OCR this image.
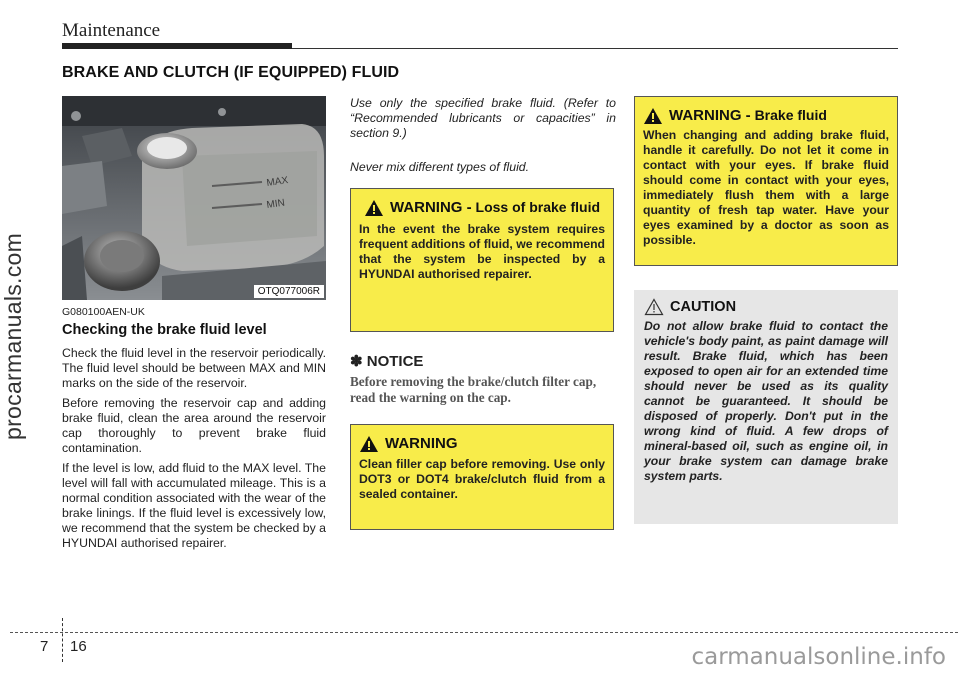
Maintenance
BRAKE AND CLUTCH (IF EQUIPPED) FLUID
procarmanuals.com
MAX
MIN
OTQ077006R
G080100AEN-UK
Checking the brake fluid level

Check the fluid level in the reservoir periodically. The fluid level should be between MAX and MIN marks on the side of the reservoir.

Before removing the reservoir cap and adding brake fluid, clean the area around the reservoir cap thoroughly to prevent brake fluid contamination.

If the level is low, add fluid to the MAX level. The level will fall with accumulated mileage. This is a normal condition associated with the wear of the brake linings. If the fluid level is excessively low, we recommend that the system be checked by a HYUNDAI authorised repairer.

Use only the specified brake fluid. (Refer to “Recommended lubricants or capacities” in section 9.)
Never mix different types of fluid.
WARNING - Loss of brake fluid
In the event the brake system requires frequent additions of fluid, we recommend that the system be inspected by a HYUNDAI authorised repairer.
✽ NOTICE
Before removing the brake/clutch filter cap, read the warning on the cap.
WARNING
Clean filler cap before removing. Use only DOT3 or DOT4 brake/clutch fluid from a sealed container.
WARNING - Brake fluid
When changing and adding brake fluid, handle it carefully. Do not let it come in contact with your eyes. If brake fluid should come in contact with your eyes, immediately flush them with a large quantity of fresh tap water. Have your eyes examined by a doctor as soon as possible.
CAUTION
Do not allow brake fluid to contact the vehicle's body paint, as paint damage will result. Brake fluid, which has been exposed to open air for an extended time should never be used as its quality cannot be guaranteed. It should be disposed of properly. Don't put in the wrong kind of fluid. A few drops of mineral-based oil, such as engine oil, in your brake system can damage brake system parts.
7 16	carmanualsonline.info
